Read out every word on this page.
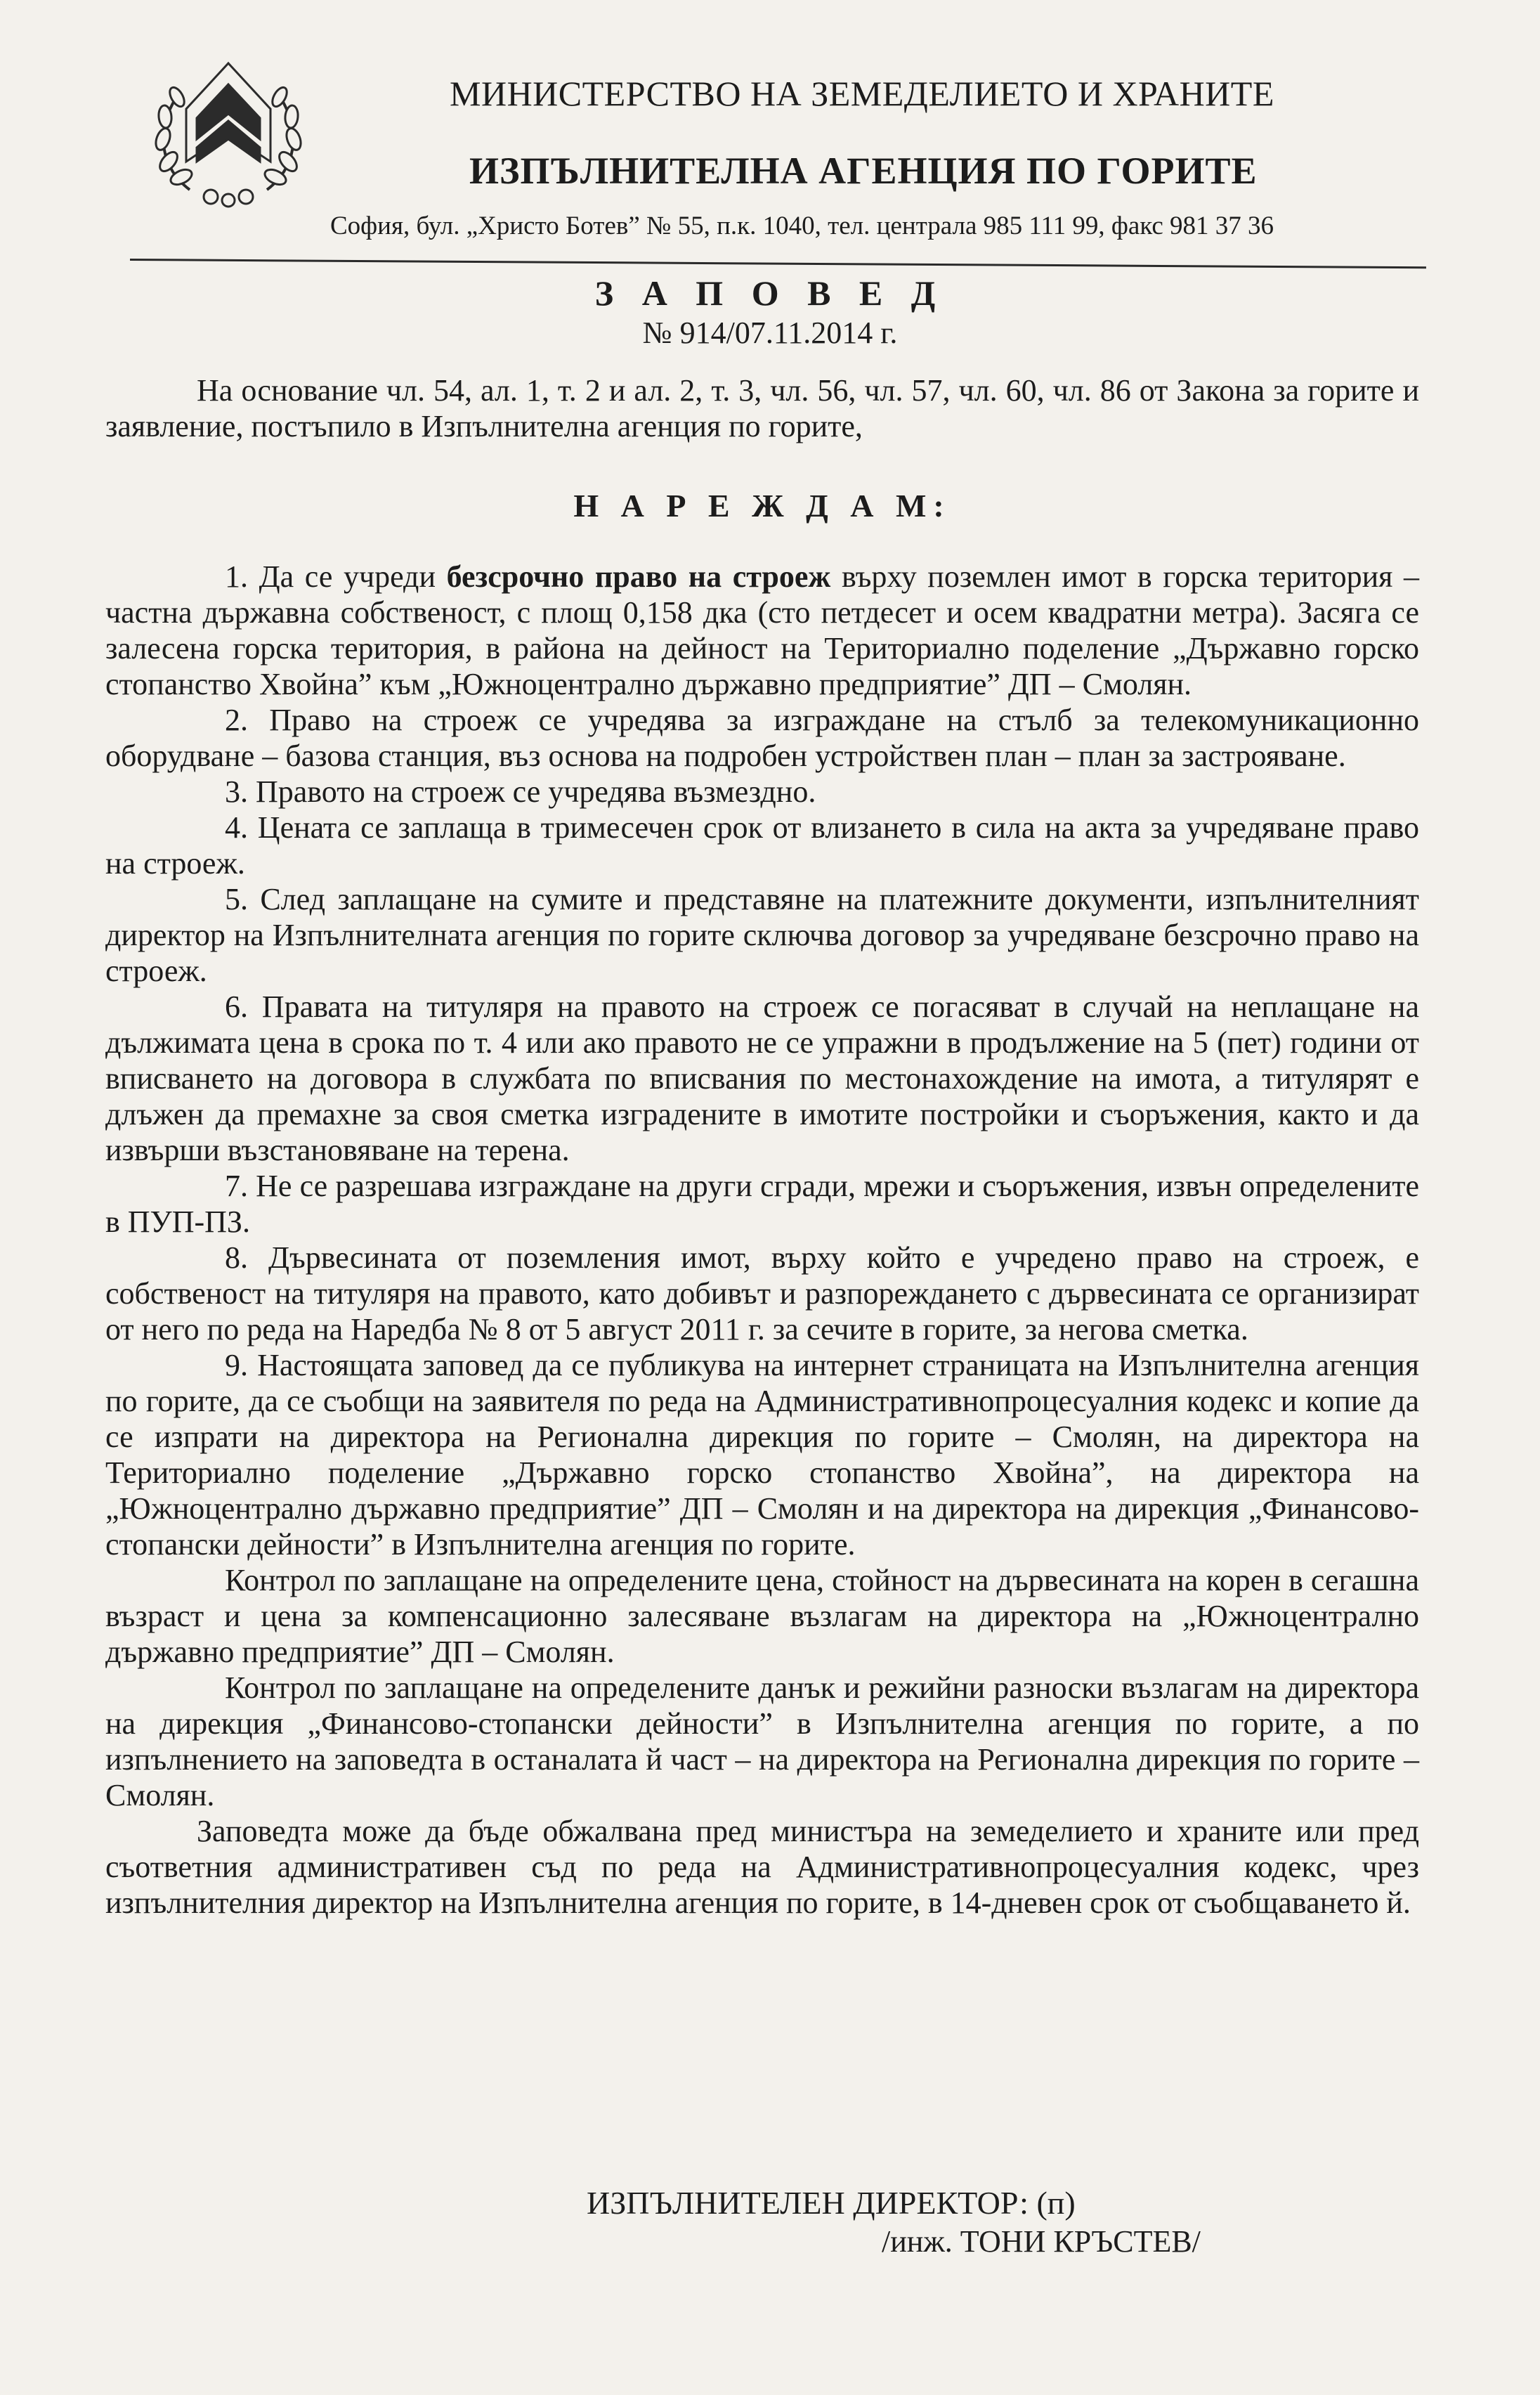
МИНИСТЕРСТВО НА ЗЕМЕДЕЛИЕТО И ХРАНИТЕ
ИЗПЪЛНИТЕЛНА АГЕНЦИЯ ПО ГОРИТЕ
София, бул. „Христо Ботев” № 55, п.к. 1040, тел. централа 985 111 99, факс 981 37 36
З А П О В Е Д
№ 914/07.11.2014 г.

На основание чл. 54, ал. 1, т. 2 и ал. 2, т. 3, чл. 56, чл. 57, чл. 60, чл. 86 от Закона за горите и заявление, постъпило в Изпълнителна агенция по горите,

Н А Р Е Ж Д А М:

1. Да се учреди безсрочно право на строеж върху поземлен имот в горска територия – частна държавна собственост, с площ 0,158 дка (сто петдесет и осем квадратни метра). Засяга се залесена горска територия, в района на дейност на Териториално поделение „Държавно горско стопанство Хвойна” към „Южноцентрално държавно предприятие” ДП – Смолян.

2. Право на строеж се учредява за изграждане на стълб за телекомуникационно оборудване – базова станция, въз основа на подробен устройствен план – план за застрояване.

3. Правото на строеж се учредява възмездно.

4. Цената се заплаща в тримесечен срок от влизането в сила на акта за учредяване право на строеж.

5. След заплащане на сумите и представяне на платежните документи, изпълнителният директор на Изпълнителната агенция по горите сключва договор за учредяване безсрочно право на строеж.

6. Правата на титуляря на правото на строеж се погасяват в случай на неплащане на дължимата цена в срока по т. 4 или ако правото не се упражни в продължение на 5 (пет) години от вписването на договора в службата по вписвания по местонахождение на имота, а титулярят е длъжен да премахне за своя сметка изградените в имотите постройки и съоръжения, както и да извърши възстановяване на терена.

7. Не се разрешава изграждане на други сгради, мрежи и съоръжения, извън определените в ПУП-ПЗ.

8. Дървесината от поземления имот, върху който е учредено право на строеж, е собственост на титуляря на правото, като добивът и разпореждането с дървесината се организират от него по реда на Наредба № 8 от 5 август 2011 г. за сечите в горите, за негова сметка.

9. Настоящата заповед да се публикува на интернет страницата на Изпълнителна агенция по горите, да се съобщи на заявителя по реда на Административнопроцесуалния кодекс и копие да се изпрати на директора на Регионална дирекция по горите – Смолян, на директора на Териториално поделение „Държавно горско стопанство Хвойна”, на директора на „Южноцентрално държавно предприятие” ДП – Смолян и на директора на дирекция „Финансово-стопански дейности” в Изпълнителна агенция по горите.

Контрол по заплащане на определените цена, стойност на дървесината на корен в сегашна възраст и цена за компенсационно залесяване възлагам на директора на „Южноцентрално държавно предприятие” ДП – Смолян.

Контрол по заплащане на определените данък и режийни разноски възлагам на директора на дирекция „Финансово-стопански дейности” в Изпълнителна агенция по горите, а по изпълнението на заповедта в останалата й част – на директора на Регионална дирекция по горите – Смолян.

Заповедта може да бъде обжалвана пред министъра на земеделието и храните или пред съответния административен съд по реда на Административнопроцесуалния кодекс, чрез изпълнителния директор на Изпълнителна агенция по горите, в 14-дневен срок от съобщаването й.

ИЗПЪЛНИТЕЛЕН ДИРЕКТОР: (п)
/инж. ТОНИ КРЪСТЕВ/
